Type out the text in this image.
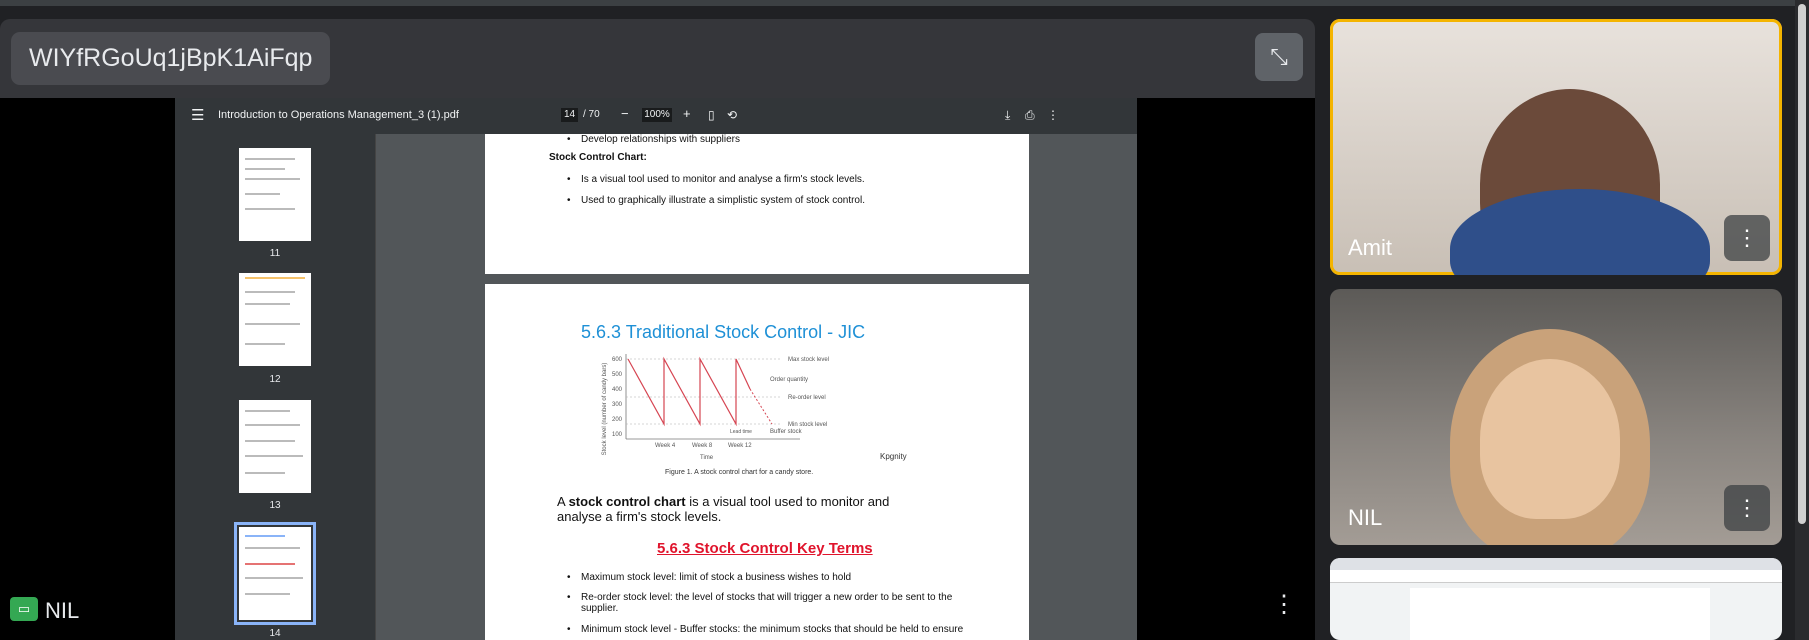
WIYfRGoUq1jBpK1AiFqp	⤡
☰ Introduction to Operations Management_3 (1).pdf	14 / 70 − 100% + ▯ ⟲	⤓ ⎙ ⋮
11
12
13
14
• Develop relationships with suppliers
Stock Control Chart:
• Is a visual tool used to monitor and analyse a firm's stock levels.
• Used to graphically illustrate a simplistic system of stock control.
5.6.3 Traditional Stock Control - JIC
Stock level (number of candy bars)
600
500
400
300
200
100
Max stock level
Order quantity
Re-order level
Min stock level
Buffer stock
Lead time
Week 4	Week 8	Week 12
Time	Kpgnity
Figure 1. A stock control chart for a candy store.
A stock control chart is a visual tool used to monitor and analyse a firm's stock levels.
5.6.3 Stock Control Key Terms
• Maximum stock level: limit of stock a business wishes to hold
• Re-order stock level: the level of stocks that will trigger a new order to be sent to the supplier.
• Minimum stock level - Buffer stocks: the minimum stocks that should be held to ensure
▭ NIL	⋮
Amit	⋮
NIL	⋮
